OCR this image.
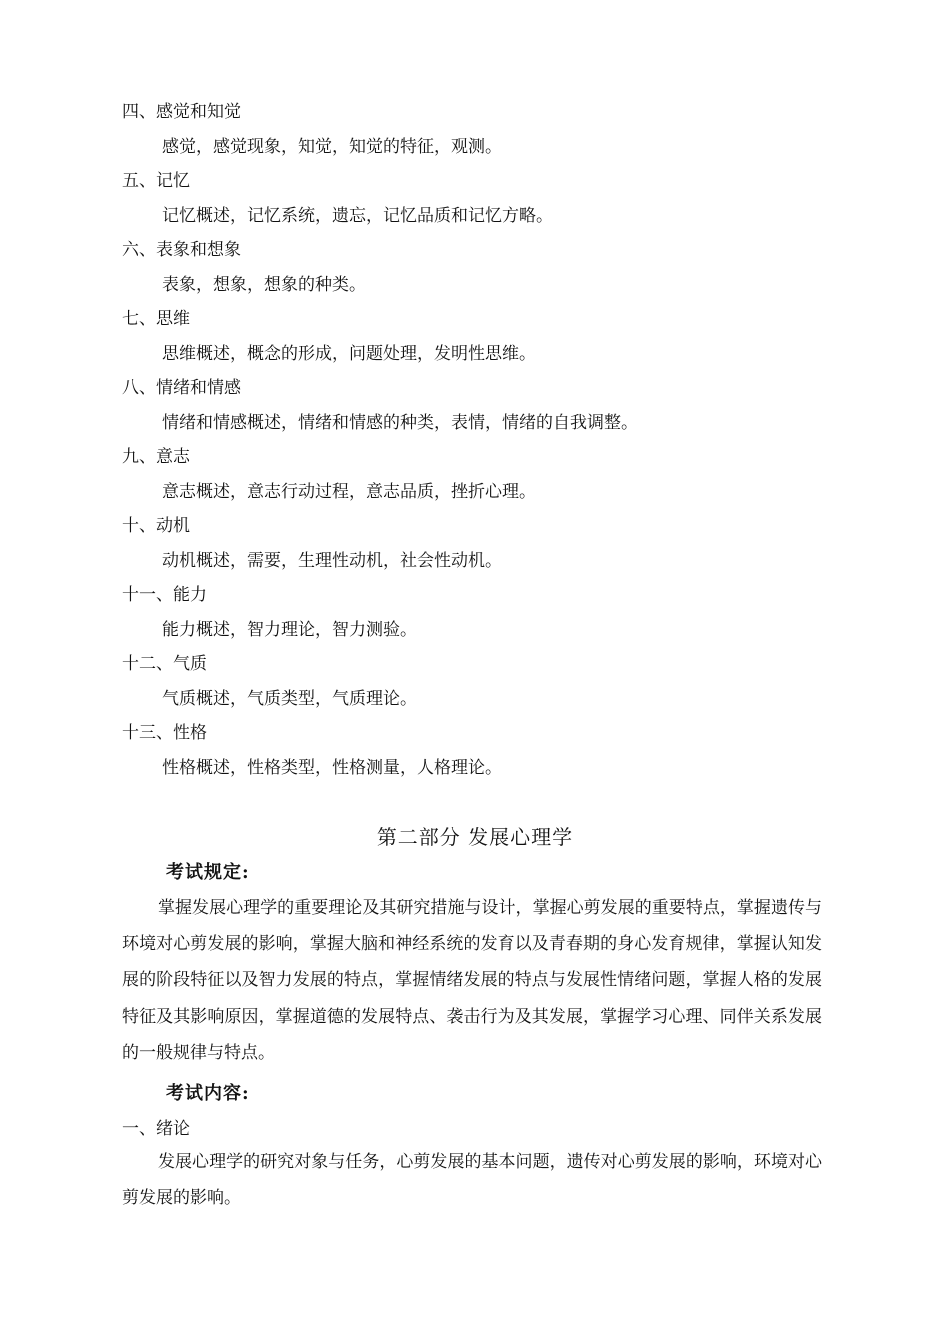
四、感觉和知觉
感觉，感觉现象，知觉，知觉的特征，观测。
五、记忆
记忆概述，记忆系统，遗忘，记忆品质和记忆方略。
六、表象和想象
表象，想象，想象的种类。
七、思维
思维概述，概念的形成，问题处理，发明性思维。
八、情绪和情感
情绪和情感概述，情绪和情感的种类，表情，情绪的自我调整。
九、意志
意志概述，意志行动过程，意志品质，挫折心理。
十、动机
动机概述，需要，生理性动机，社会性动机。
十一、能力
能力概述，智力理论，智力测验。
十二、气质
气质概述，气质类型，气质理论。
十三、性格
性格概述，性格类型，性格测量，人格理论。
第二部分 发展心理学
考试规定:
掌握发展心理学的重要理论及其研究措施与设计，掌握心剪发展的重要特点，掌握遗传与环境对心剪发展的影响，掌握大脑和神经系统的发育以及青春期的身心发育规律，掌握认知发展的阶段特征以及智力发展的特点，掌握情绪发展的特点与发展性情绪问题，掌握人格的发展特征及其影响原因，掌握道德的发展特点、袭击行为及其发展，掌握学习心理、同伴关系发展的一般规律与特点。
考试内容:
一、绪论
发展心理学的研究对象与任务，心剪发展的基本问题，遗传对心剪发展的影响，环境对心剪发展的影响。
